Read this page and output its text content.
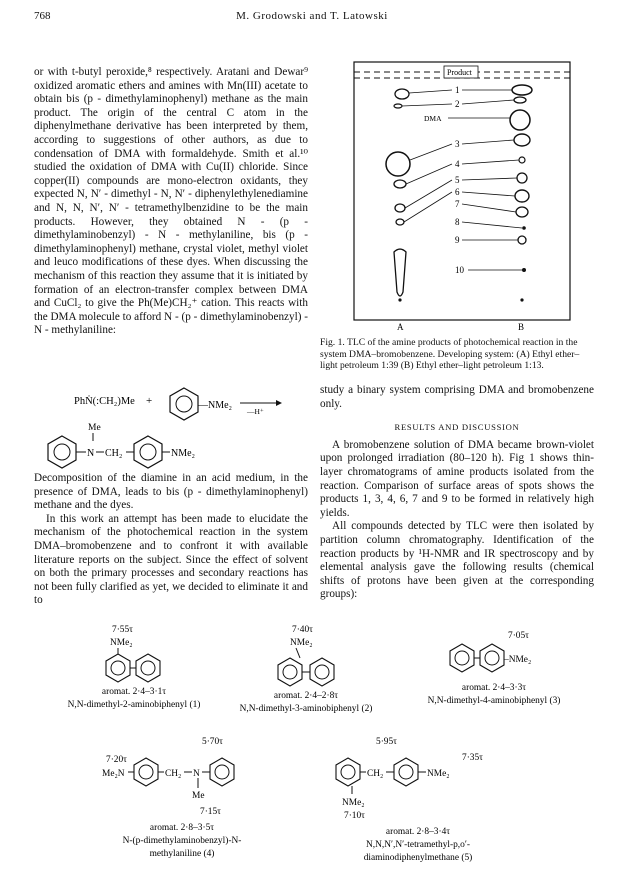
768	M. Grodowski and T. Latowski

or with t-butyl peroxide,⁸ respectively. Aratani and Dewar⁹ oxidized aromatic ethers and amines with Mn(III) acetate to obtain bis (p - dimethylaminophenyl) methane as the main product. The origin of the central C atom in the diphenylmethane derivative has been interpreted by them, according to suggestions of other authors, as due to condensation of DMA with formaldehyde. Smith et al.¹⁰ studied the oxidation of DMA with Cu(II) chloride. Since copper(II) compounds are mono-electron oxidants, they expected N, N′ - dimethyl - N, N′ - diphenylethylenediamine and N, N, N′, N′ - tetramethylbenzidine to be the main products. However, they obtained N - (p - dimethylaminobenzyl) - N - methylaniline, bis (p - dimethylaminophenyl) methane, crystal violet, methyl violet and leuco modifications of these dyes. When discussing the mechanism of this reaction they assume that it is initiated by formation of an electron-transfer complex between DMA and CuCl₂ to give the Ph(Me)CH₂⁺ cation. This reacts with the DMA molecule to afford N - (p - dimethylaminobenzyl) - N - methylaniline:

PhṄ(:CH₂)Me +	—NMe₂
—H⁺
Me
N CH₂	NMe₂

Decomposition of the diamine in an acid medium, in the presence of DMA, leads to bis (p - dimethylaminophenyl) methane and the dyes.

In this work an attempt has been made to elucidate the mechanism of the photochemical reaction in the system DMA–bromobenzene and to confront it with available literature reports on the subject. Since the effect of solvent on both the primary processes and secondary reactions has not been fully clarified as yet, we decided to eliminate it and to

Product
1
2
DMA
3
4
5
6
7
8
9
10
A	B
Fig. 1. TLC of the amine products of photochemical reaction in the system DMA–bromobenzene. Developing system: (A) Ethyl ether–light petroleum 1:39 (B) Ethyl ether–light petroleum 1:13.

study a binary system comprising DMA and bromobenzene only.

RESULTS AND DISCUSSION

A bromobenzene solution of DMA became brown-violet upon prolonged irradiation (80–120 h). Fig 1 shows thin-layer chromatograms of amine products isolated from the reaction. Comparison of surface areas of spots shows the products 1, 3, 4, 6, 7 and 9 to be formed in relatively high yields.

All compounds detected by TLC were then isolated by partition column chromatography. Identification of the reaction products by ¹H-NMR and IR spectroscopy and by elemental analysis gave the following results (chemical shifts of protons have been given at the corresponding groups):

7·55τ
NMe₂
7·40τ
NMe₂
7·05τ
–NMe₂
aromat. 2·4–3·1τ
N,N-dimethyl-2-aminobiphenyl (1)
aromat. 2·4–2·8τ
N,N-dimethyl-3-aminobiphenyl (2)
aromat. 2·4–3·3τ
N,N-dimethyl-4-aminobiphenyl (3)
5·70τ
7·20τ
Me₂N	CH₂ N
Me
7·15τ
aromat. 2·8–3·5τ
N-(p-dimethylaminobenzyl)-N-
methylaniline (4)
5·95τ
7·35τ
CH₂	NMe₂
NMe₂
7·10τ
aromat. 2·8–3·4τ
N,N,N′,N′-tetramethyl-p,o′-
diaminodiphenylmethane (5)
